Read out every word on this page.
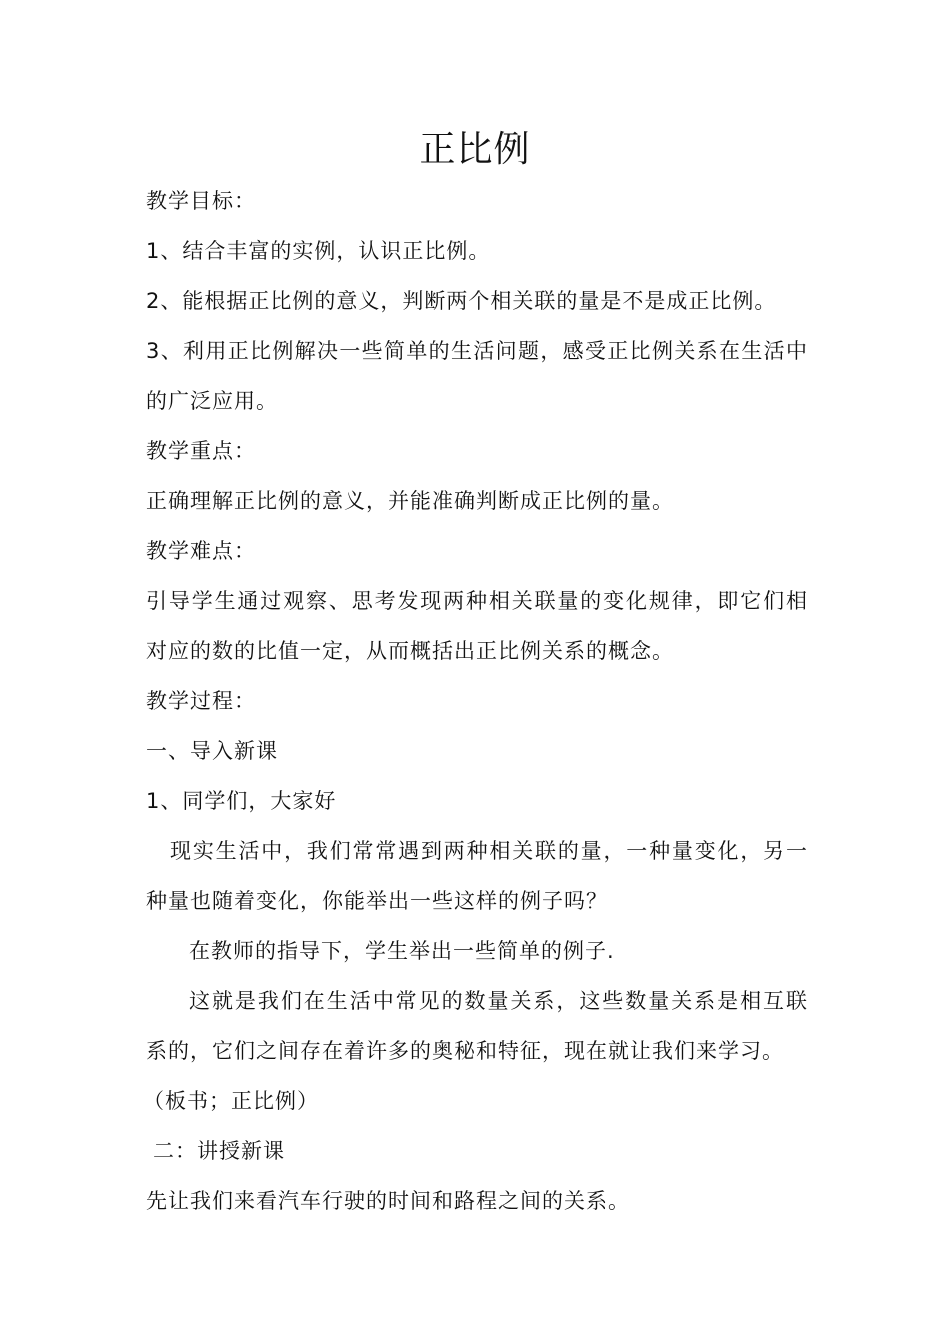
正比例
教学目标：
1、结合丰富的实例，认识正比例。
2、能根据正比例的意义，判断两个相关联的量是不是成正比例。
3、利用正比例解决一些简单的生活问题，感受正比例关系在生活中
的广泛应用。
教学重点：
正确理解正比例的意义，并能准确判断成正比例的量。
教学难点：
引导学生通过观察、思考发现两种相关联量的变化规律，即它们相
对应的数的比值一定，从而概括出正比例关系的概念。
教学过程：
一、导入新课
1、同学们，大家好
现实生活中，我们常常遇到两种相关联的量，一种量变化，另一
种量也随着变化，你能举出一些这样的例子吗？
在教师的指导下，学生举出一些简单的例子.
这就是我们在生活中常见的数量关系，这些数量关系是相互联
系的，它们之间存在着许多的奥秘和特征，现在就让我们来学习。
（板书；正比例）
二：讲授新课
先让我们来看汽车行驶的时间和路程之间的关系。
